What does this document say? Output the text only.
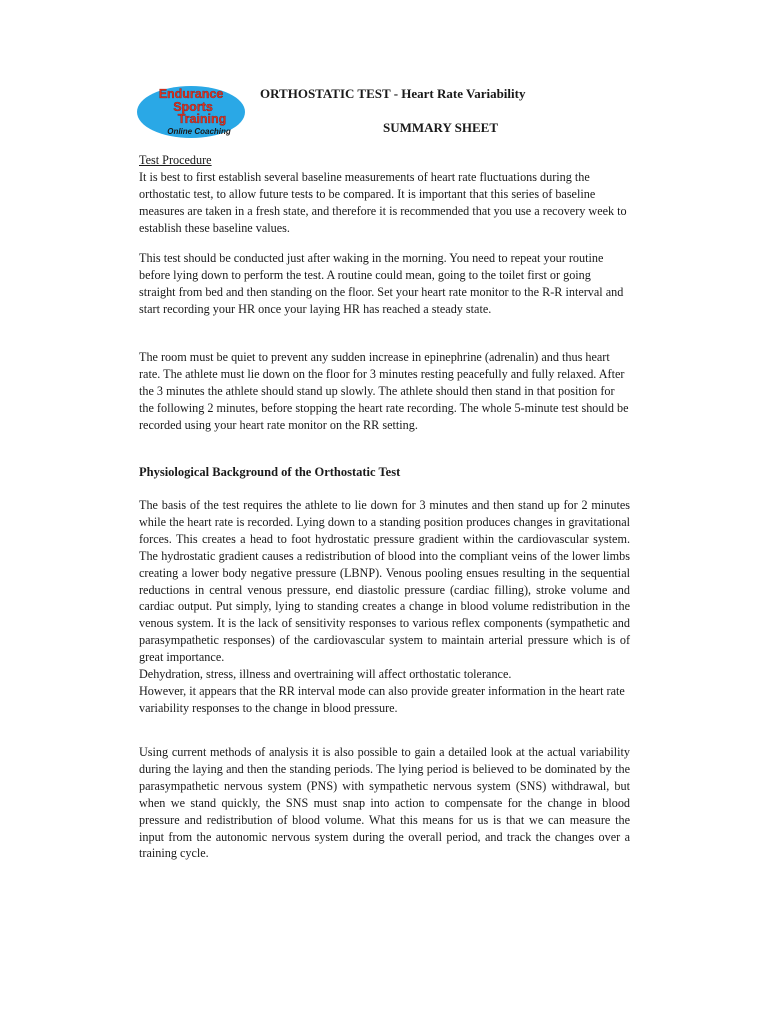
Endurance
Sports
Training
Online Coaching
ORTHOSTATIC TEST - Heart Rate Variability
SUMMARY SHEET

Test Procedure

It is best to first establish several baseline measurements of heart rate fluctuations during the orthostatic test, to allow future tests to be compared. It is important that this series of baseline measures are taken in a fresh state, and therefore it is recommended that you use a recovery week to establish these baseline values.

This test should be conducted just after waking in the morning. You need to repeat your routine before lying down to perform the test. A routine could mean, going to the toilet first or going straight from bed and then standing on the floor. Set your heart rate monitor to the R-R interval and start recording your HR once your laying HR has reached a steady state.
The room must be quiet to prevent any sudden increase in epinephrine (adrenalin) and thus heart rate. The athlete must lie down on the floor for 3 minutes resting peacefully and fully relaxed. After the 3 minutes the athlete should stand up slowly. The athlete should then stand in that position for the following 2 minutes, before stopping the heart rate recording. The whole 5-minute test should be recorded using your heart rate monitor on the RR setting.
Physiological Background of the Orthostatic Test

The basis of the test requires the athlete to lie down for 3 minutes and then stand up for 2 minutes while the heart rate is recorded. Lying down to a standing position produces changes in gravitational forces. This creates a head to foot hydrostatic pressure gradient within the cardiovascular system. The hydrostatic gradient causes a redistribution of blood into the compliant veins of the lower limbs creating a lower body negative pressure (LBNP). Venous pooling ensues resulting in the sequential reductions in central venous pressure, end diastolic pressure (cardiac filling), stroke volume and cardiac output. Put simply, lying to standing creates a change in blood volume redistribution in the venous system. It is the lack of sensitivity responses to various reflex components (sympathetic and parasympathetic responses) of the cardiovascular system to maintain arterial pressure which is of great importance.

Dehydration, stress, illness and overtraining will affect orthostatic tolerance.

However, it appears that the RR interval mode can also provide greater information in the heart rate variability responses to the change in blood pressure.

Using current methods of analysis it is also possible to gain a detailed look at the actual variability during the laying and then the standing periods. The lying period is believed to be dominated by the parasympathetic nervous system (PNS) with sympathetic nervous system (SNS) withdrawal, but when we stand quickly, the SNS must snap into action to compensate for the change in blood pressure and redistribution of blood volume. What this means for us is that we can measure the input from the autonomic nervous system during the overall period, and track the changes over a training cycle.
